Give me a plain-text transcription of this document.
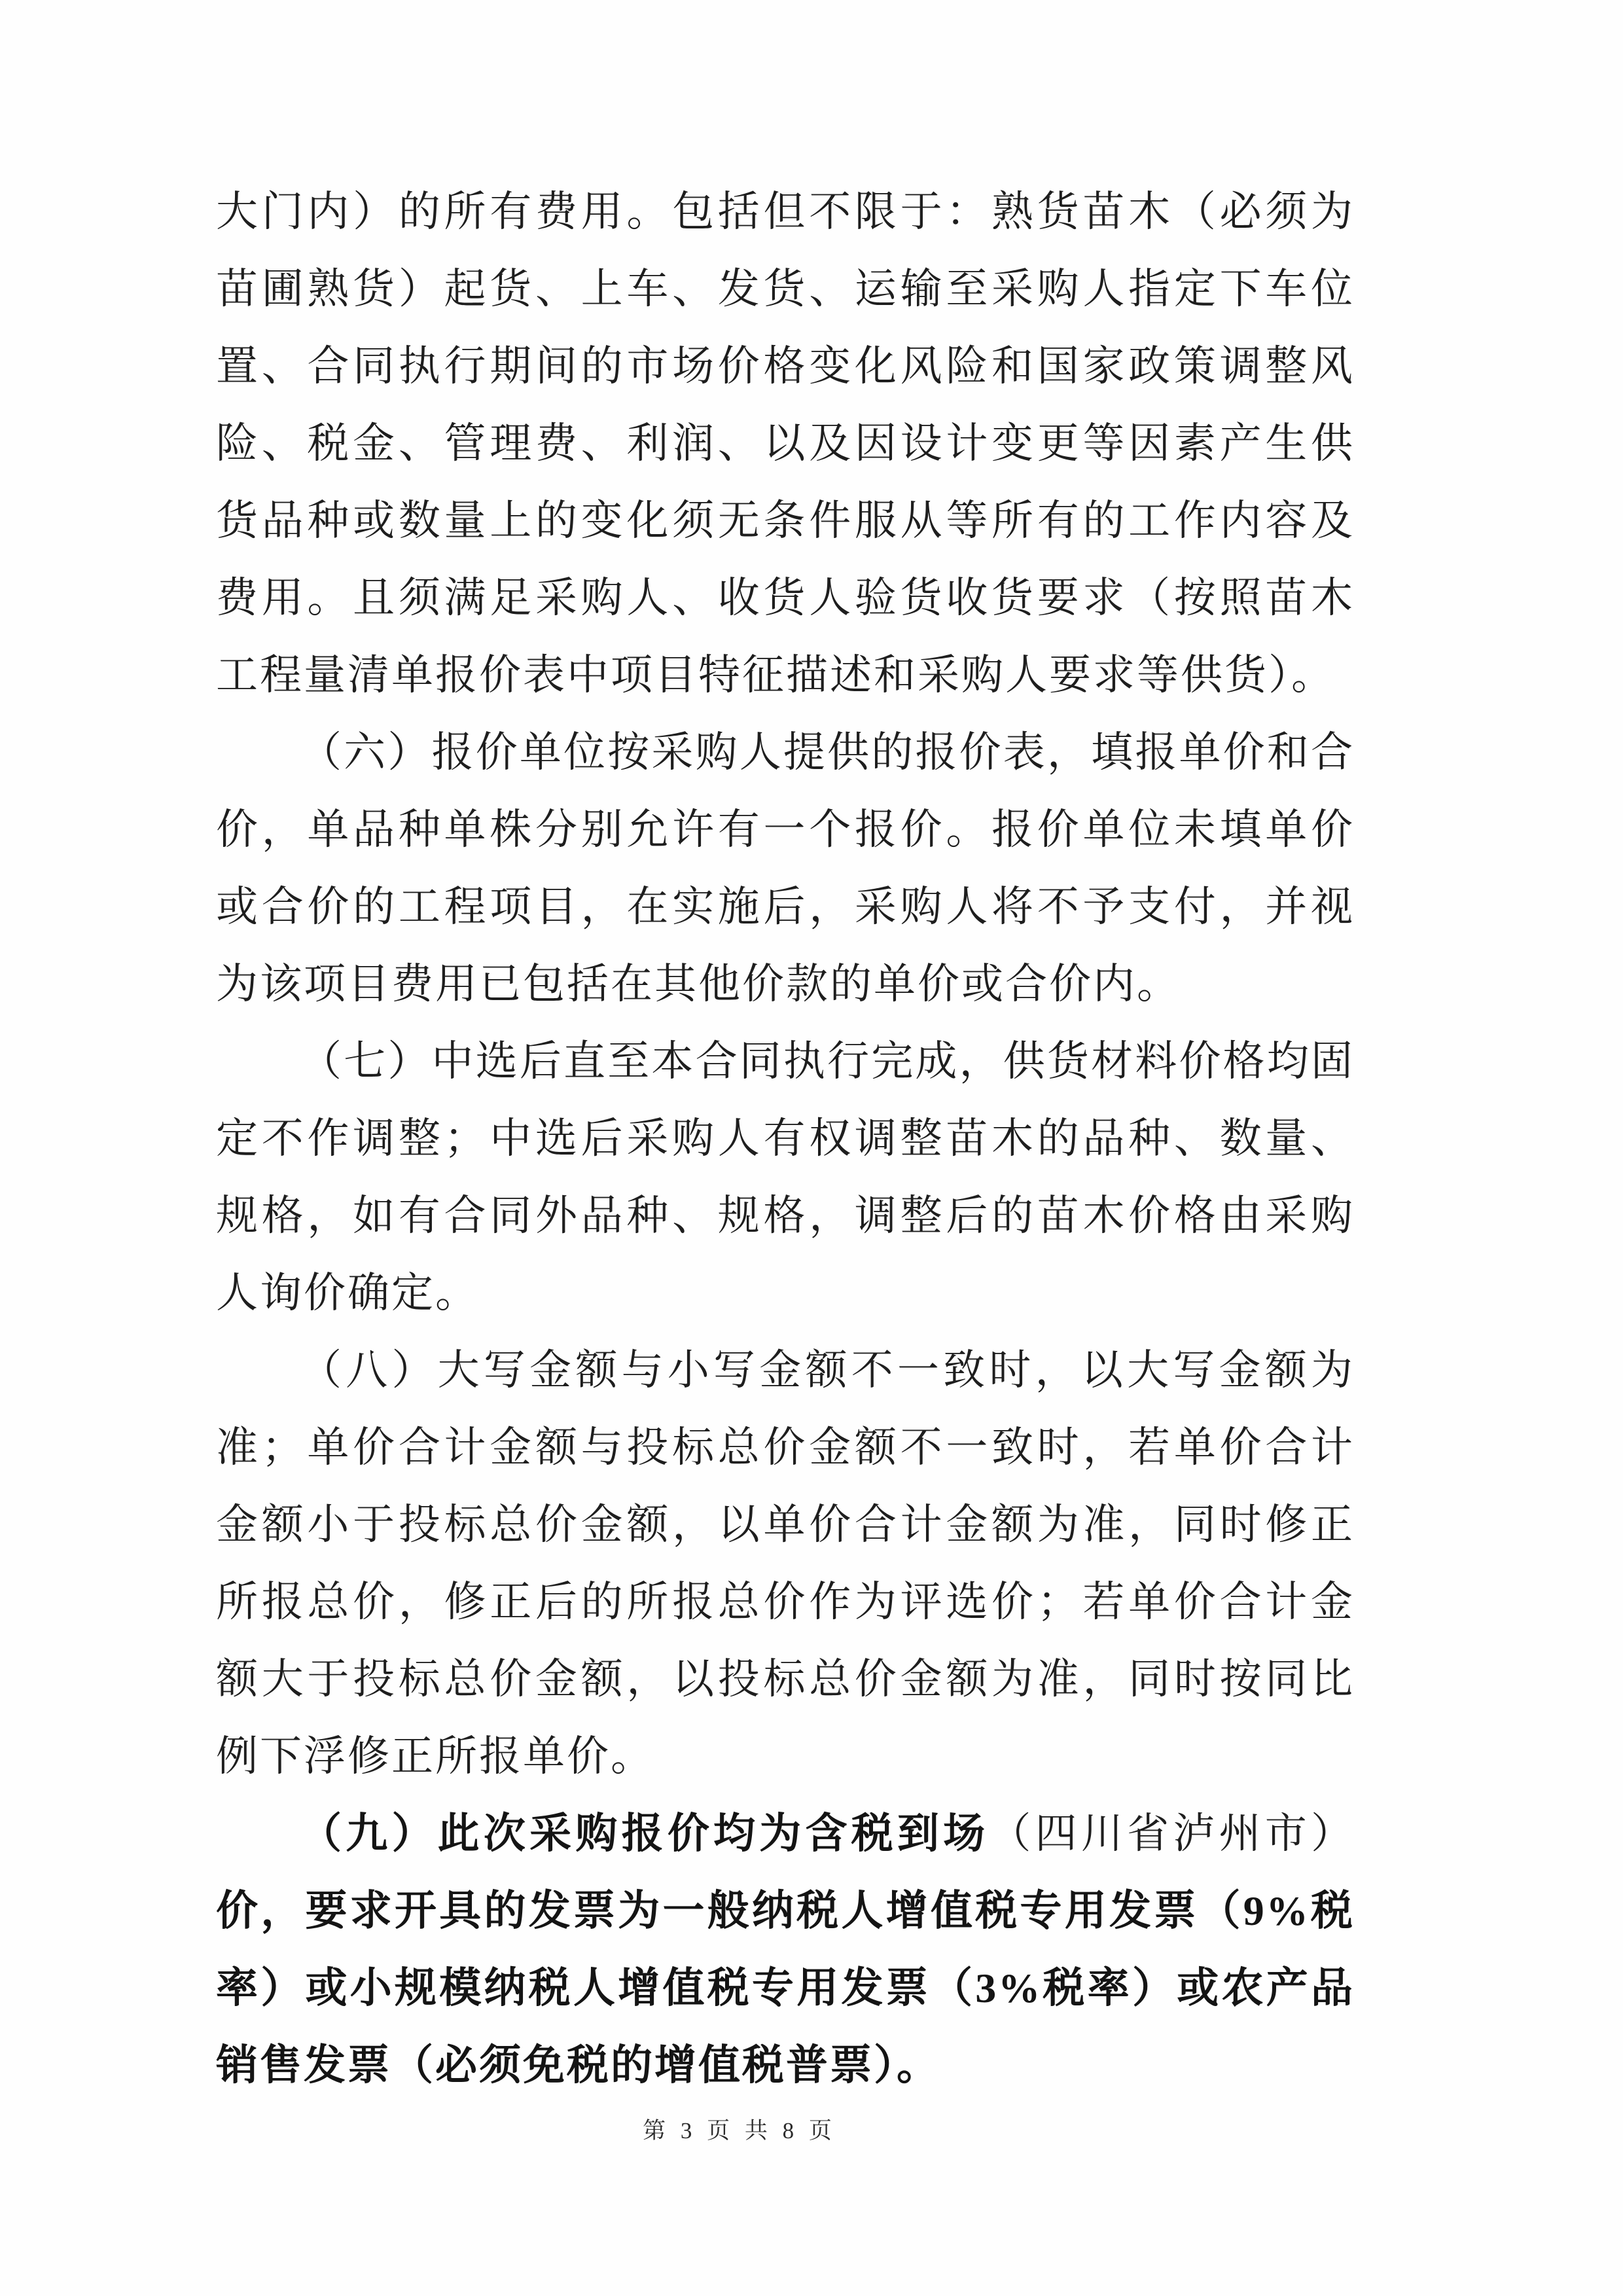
大门内）的所有费用。包括但不限于：熟货苗木（必须为苗圃熟货）起货、上车、发货、运输至采购人指定下车位置、合同执行期间的市场价格变化风险和国家政策调整风险、税金、管理费、利润、以及因设计变更等因素产生供货品种或数量上的变化须无条件服从等所有的工作内容及费用。且须满足采购人、收货人验货收货要求（按照苗木工程量清单报价表中项目特征描述和采购人要求等供货）。

（六）报价单位按采购人提供的报价表，填报单价和合价，单品种单株分别允许有一个报价。报价单位未填单价或合价的工程项目，在实施后，采购人将不予支付，并视为该项目费用已包括在其他价款的单价或合价内。

（七）中选后直至本合同执行完成，供货材料价格均固定不作调整；中选后采购人有权调整苗木的品种、数量、规格，如有合同外品种、规格，调整后的苗木价格由采购人询价确定。

（八）大写金额与小写金额不一致时，以大写金额为准；单价合计金额与投标总价金额不一致时，若单价合计金额小于投标总价金额，以单价合计金额为准，同时修正所报总价，修正后的所报总价作为评选价；若单价合计金额大于投标总价金额，以投标总价金额为准，同时按同比例下浮修正所报单价。

（九）此次采购报价均为含税到场（四川省泸州市）价，要求开具的发票为一般纳税人增值税专用发票（9%税率）或小规模纳税人增值税专用发票（3%税率）或农产品销售发票（必须免税的增值税普票）。

第 3 页 共 8 页
